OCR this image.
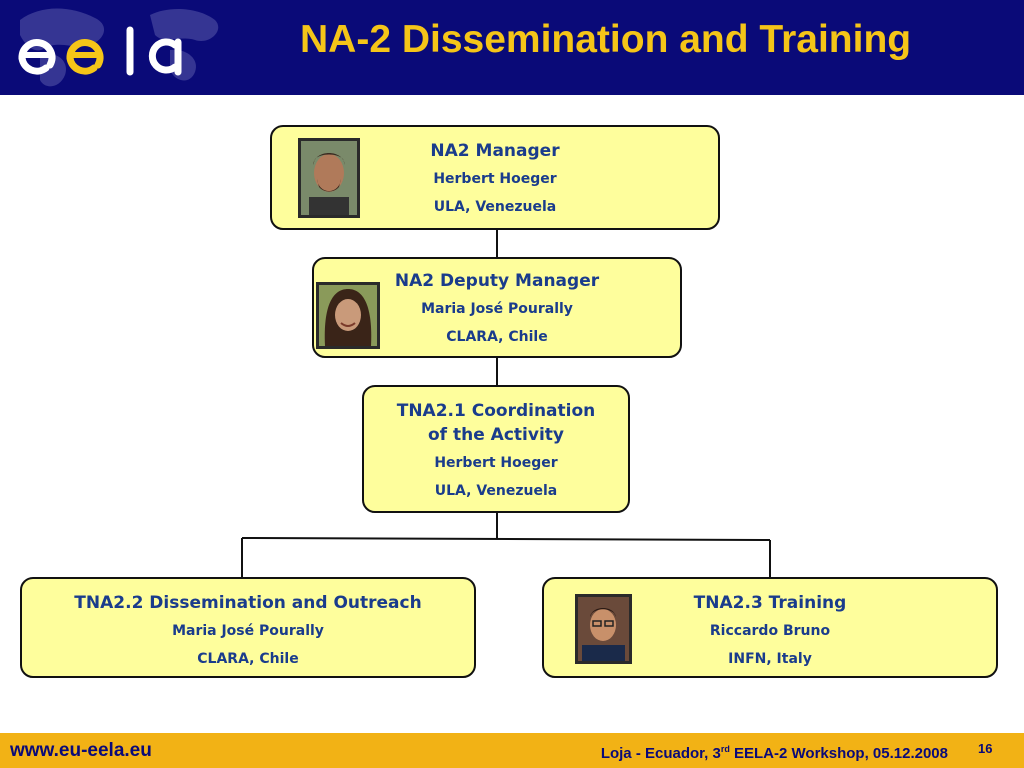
NA-2 Dissemination and Training
NA2 Manager
Herbert Hoeger
ULA, Venezuela
NA2 Deputy Manager
Maria José Pourally
CLARA, Chile
TNA2.1 Coordination
of the Activity
Herbert Hoeger
ULA, Venezuela
TNA2.2 Dissemination and Outreach
Maria José Pourally
CLARA, Chile
TNA2.3 Training
Riccardo Bruno
INFN, Italy
www.eu-eela.eu	Loja - Ecuador, 3rd EELA-2 Workshop, 05.12.2008 16
